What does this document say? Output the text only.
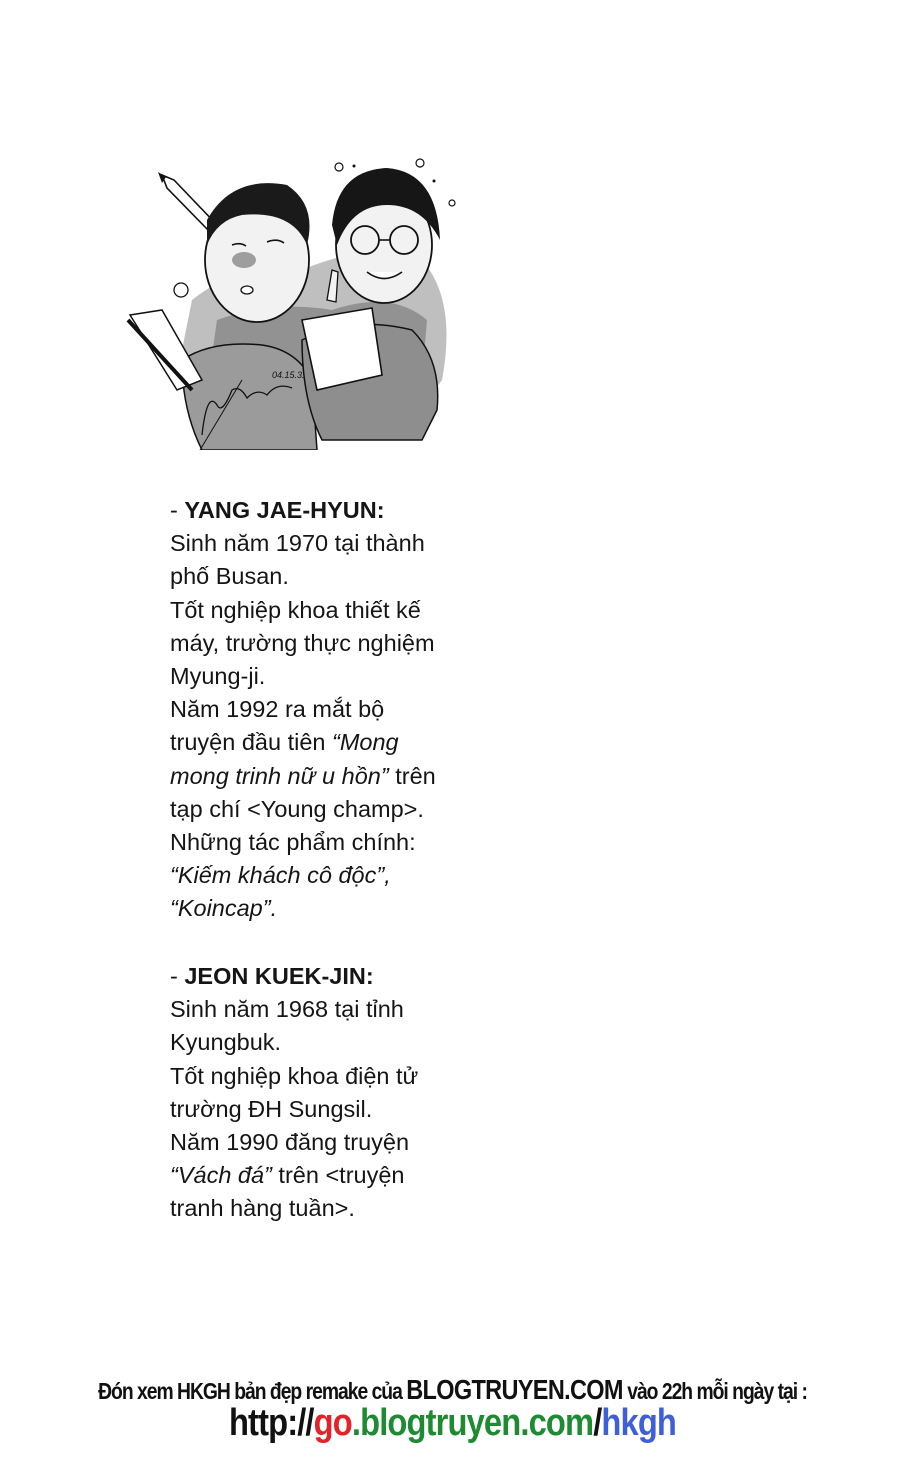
04.15.3.
- YANG JAE-HYUN:
Sinh năm 1970 tại thành
phố Busan.
Tốt nghiệp khoa thiết kế
máy, trường thực nghiệm
Myung-ji.
Năm 1992 ra mắt bộ
truyện đầu tiên “Mong
mong trinh nữ u hồn” trên
tạp chí <Young champ>.
Những tác phẩm chính:
“Kiếm khách cô độc”,
“Koincap”.
- JEON KUEK-JIN:
Sinh năm 1968 tại tỉnh
Kyungbuk.
Tốt nghiệp khoa điện tử
trường ĐH Sungsil.
Năm 1990 đăng truyện
“Vách đá” trên <truyện
tranh hàng tuần>.
Đón xem HKGH bản đẹp remake của BLOGTRUYEN.COM vào 22h mỗi ngày tại :
http://go.blogtruyen.com/hkgh
